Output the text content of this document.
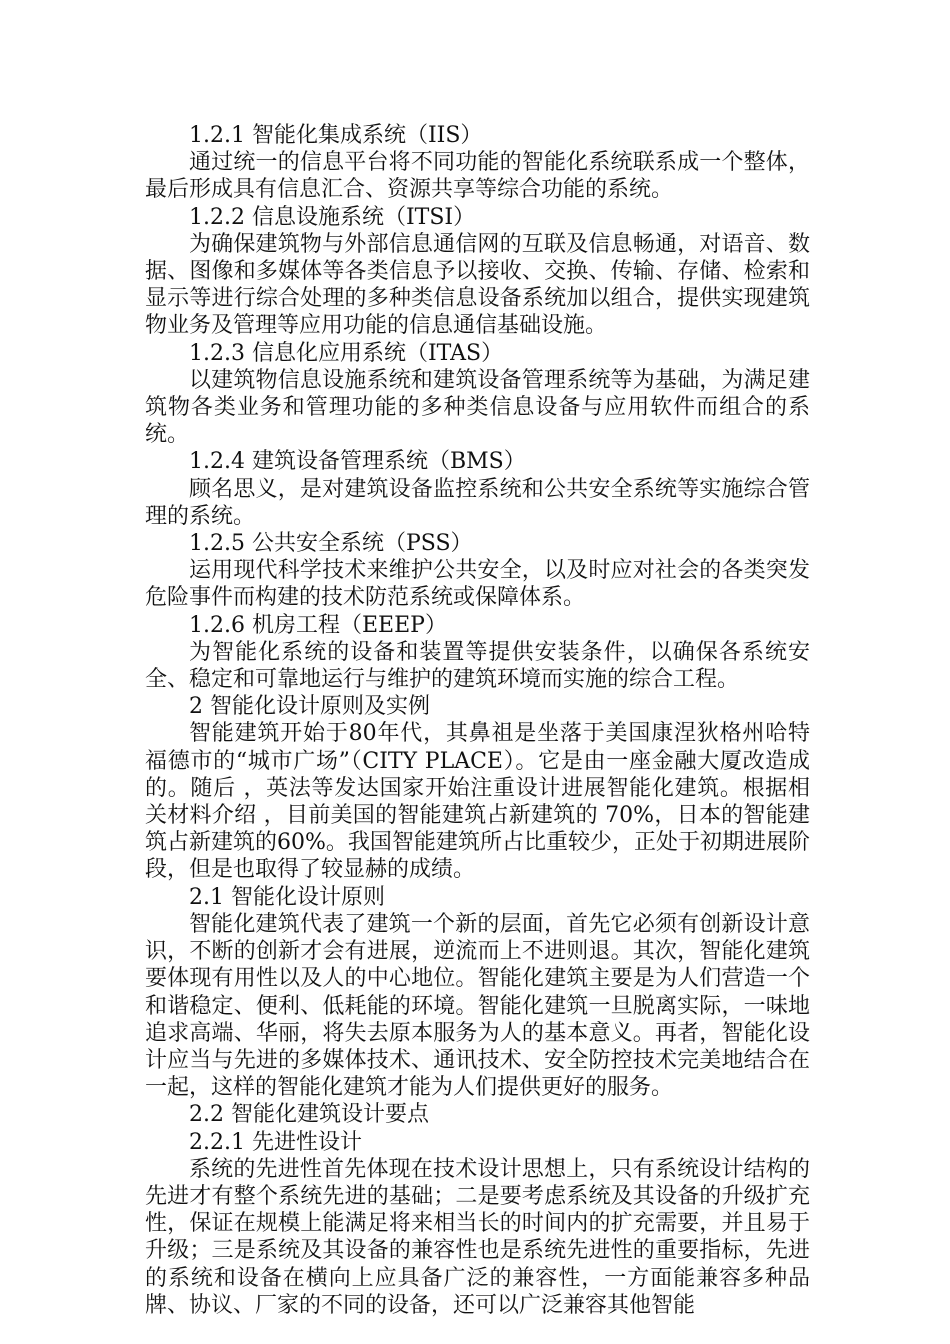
1.2.1 智能化集成系统（IIS）

通过统一的信息平台将不同功能的智能化系统联系成一个整体，最后形成具有信息汇合、资源共享等综合功能的系统。

1.2.2 信息设施系统（ITSI）

为确保建筑物与外部信息通信网的互联及信息畅通，对语音、数据、图像和多媒体等各类信息予以接收、交换、传输、存储、检索和显示等进行综合处理的多种类信息设备系统加以组合，提供实现建筑物业务及管理等应用功能的信息通信基础设施。

1.2.3 信息化应用系统（ITAS）

以建筑物信息设施系统和建筑设备管理系统等为基础，为满足建筑物各类业务和管理功能的多种类信息设备与应用软件而组合的系统。

1.2.4 建筑设备管理系统（BMS）

顾名思义，是对建筑设备监控系统和公共安全系统等实施综合管理的系统。

1.2.5 公共安全系统（PSS）

运用现代科学技术来维护公共安全，以及时应对社会的各类突发危险事件而构建的技术防范系统或保障体系。

1.2.6 机房工程（EEEP）

为智能化系统的设备和装置等提供安装条件，以确保各系统安全、稳定和可靠地运行与维护的建筑环境而实施的综合工程。

2 智能化设计原则及实例

智能建筑开始于80年代，其鼻祖是坐落于美国康涅狄格州哈特福德市的“城市广场”（CITY PLACE）。它是由一座金融大厦改造成的。随后 ，英法等发达国家开始注重设计进展智能化建筑。根据相关材料介绍 ，目前美国的智能建筑占新建筑的 70%，日本的智能建筑占新建筑的60%。我国智能建筑所占比重较少，正处于初期进展阶段，但是也取得了较显赫的成绩。

2.1 智能化设计原则

智能化建筑代表了建筑一个新的层面，首先它必须有创新设计意识，不断的创新才会有进展，逆流而上不进则退。其次，智能化建筑要体现有用性以及人的中心地位。智能化建筑主要是为人们营造一个和谐稳定、便利、低耗能的环境。智能化建筑一旦脱离实际，一味地追求高端、华丽，将失去原本服务为人的基本意义。再者，智能化设计应当与先进的多媒体技术、通讯技术、安全防控技术完美地结合在一起，这样的智能化建筑才能为人们提供更好的服务。

2.2 智能化建筑设计要点

2.2.1 先进性设计

系统的先进性首先体现在技术设计思想上，只有系统设计结构的先进才有整个系统先进的基础；二是要考虑系统及其设备的升级扩充性，保证在规模上能满足将来相当长的时间内的扩充需要，并且易于升级；三是系统及其设备的兼容性也是系统先进性的重要指标，先进的系统和设备在横向上应具备广泛的兼容性，一方面能兼容多种品牌、协议、厂家的不同的设备，还可以广泛兼容其他智能
